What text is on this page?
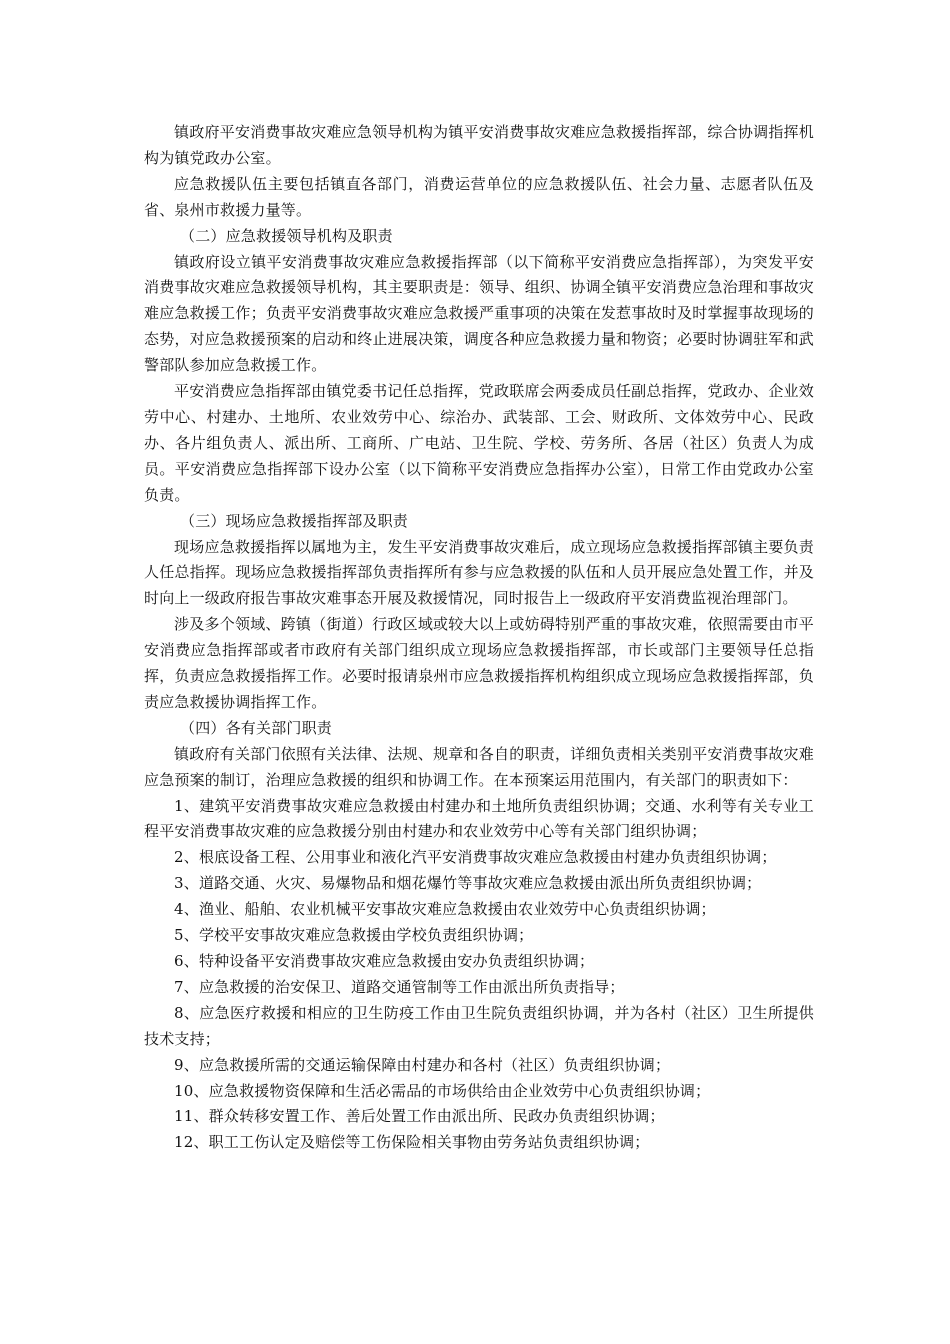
镇政府平安消费事故灾难应急领导机构为镇平安消费事故灾难应急救援指挥部，综合协调指挥机构为镇党政办公室。

应急救援队伍主要包括镇直各部门，消费运营单位的应急救援队伍、社会力量、志愿者队伍及省、泉州市救援力量等。

（二）应急救援领导机构及职责

镇政府设立镇平安消费事故灾难应急救援指挥部（以下简称平安消费应急指挥部），为突发平安消费事故灾难应急救援领导机构，其主要职责是：领导、组织、协调全镇平安消费应急治理和事故灾难应急救援工作；负责平安消费事故灾难应急救援严重事项的决策在发惹事故时及时掌握事故现场的态势，对应急救援预案的启动和终止进展决策，调度各种应急救援力量和物资；必要时协调驻军和武警部队参加应急救援工作。

平安消费应急指挥部由镇党委书记任总指挥，党政联席会两委成员任副总指挥，党政办、企业效劳中心、村建办、土地所、农业效劳中心、综治办、武装部、工会、财政所、文体效劳中心、民政办、各片组负责人、派出所、工商所、广电站、卫生院、学校、劳务所、各居（社区）负责人为成员。平安消费应急指挥部下设办公室（以下简称平安消费应急指挥办公室），日常工作由党政办公室负责。

（三）现场应急救援指挥部及职责

现场应急救援指挥以属地为主，发生平安消费事故灾难后，成立现场应急救援指挥部镇主要负责人任总指挥。现场应急救援指挥部负责指挥所有参与应急救援的队伍和人员开展应急处置工作，并及时向上一级政府报告事故灾难事态开展及救援情况，同时报告上一级政府平安消费监视治理部门。

涉及多个领域、跨镇（街道）行政区域或较大以上或妨碍特别严重的事故灾难，依照需要由市平安消费应急指挥部或者市政府有关部门组织成立现场应急救援指挥部，市长或部门主要领导任总指挥，负责应急救援指挥工作。必要时报请泉州市应急救援指挥机构组织成立现场应急救援指挥部，负责应急救援协调指挥工作。

（四）各有关部门职责

镇政府有关部门依照有关法律、法规、规章和各自的职责，详细负责相关类别平安消费事故灾难应急预案的制订，治理应急救援的组织和协调工作。在本预案运用范围内，有关部门的职责如下：

1、建筑平安消费事故灾难应急救援由村建办和土地所负责组织协调；交通、水利等有关专业工程平安消费事故灾难的应急救援分别由村建办和农业效劳中心等有关部门组织协调；

2、根底设备工程、公用事业和液化汽平安消费事故灾难应急救援由村建办负责组织协调；

3、道路交通、火灾、易爆物品和烟花爆竹等事故灾难应急救援由派出所负责组织协调；

4、渔业、船舶、农业机械平安事故灾难应急救援由农业效劳中心负责组织协调；

5、学校平安事故灾难应急救援由学校负责组织协调；

6、特种设备平安消费事故灾难应急救援由安办负责组织协调；

7、应急救援的治安保卫、道路交通管制等工作由派出所负责指导；

8、应急医疗救援和相应的卫生防疫工作由卫生院负责组织协调，并为各村（社区）卫生所提供技术支持；

9、应急救援所需的交通运输保障由村建办和各村（社区）负责组织协调；

10、应急救援物资保障和生活必需品的市场供给由企业效劳中心负责组织协调；

11、群众转移安置工作、善后处置工作由派出所、民政办负责组织协调；

12、职工工伤认定及赔偿等工伤保险相关事物由劳务站负责组织协调；
